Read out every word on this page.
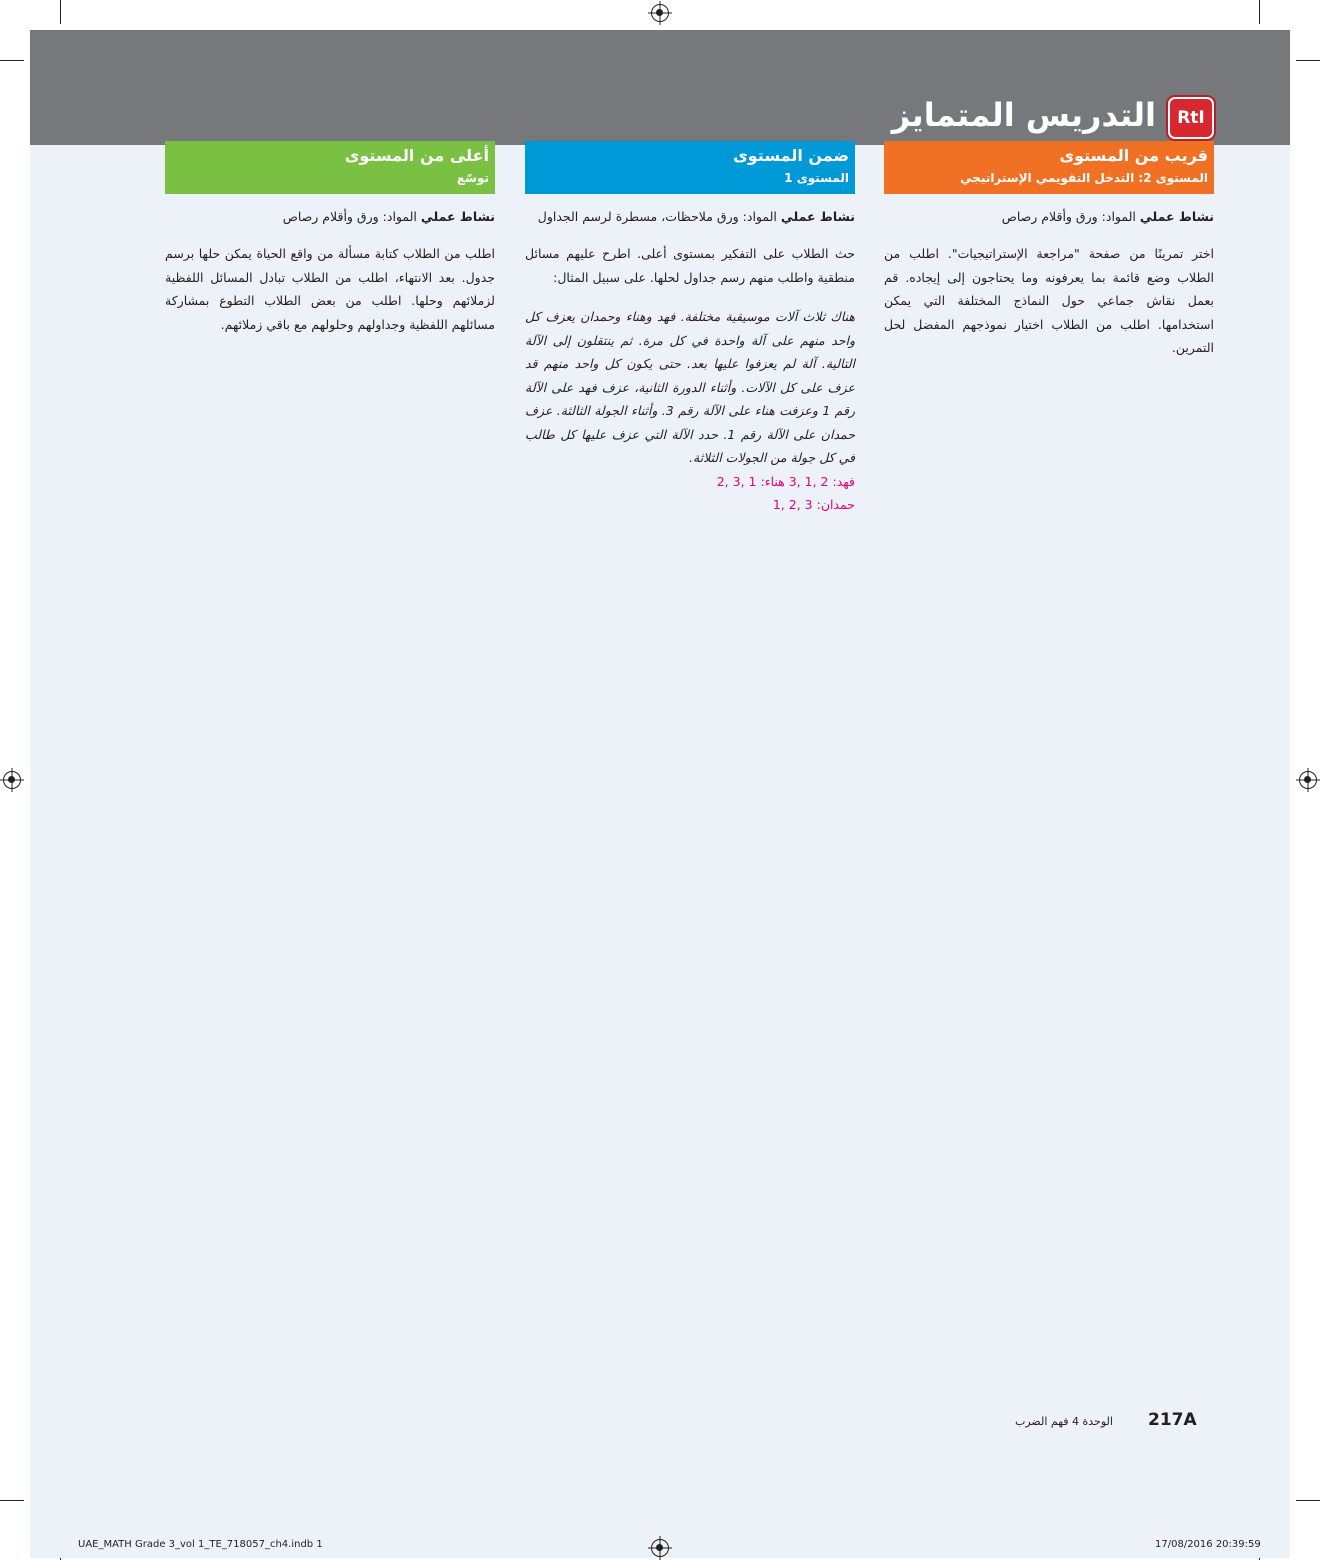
RtI
التدريس المتمايز
قريب من المستوى
المستوى 2: التدخل التقويمي الإستراتيجي
نشاط عملي المواد: ورق وأقلام رصاص

اختر تمرينًا من صفحة "مراجعة الإستراتيجيات". اطلب من الطلاب وضع قائمة بما يعرفونه وما يحتاجون إلى إيجاده. قم بعمل نقاش جماعي حول النماذج المختلفة التي يمكن استخدامها. اطلب من الطلاب اختيار نموذجهم المفضل لحل التمرين.

ضمن المستوى
المستوى 1
نشاط عملي المواد: ورق ملاحظات، مسطرة لرسم الجداول

حث الطلاب على التفكير بمستوى أعلى. اطرح عليهم مسائل منطقية واطلب منهم رسم جداول لحلها. على سبيل المثال:

هناك ثلاث آلات موسيقية مختلفة. فهد وهناء وحمدان يعزف كل واحد منهم على آلة واحدة في كل مرة. ثم ينتقلون إلى الآلة التالية. آلة لم يعزفوا عليها بعد. حتى يكون كل واحد منهم قد عزف على كل الآلات. وأثناء الدورة الثانية، عزف فهد على الآلة رقم 1 وعزفت هناء على الآلة رقم 3. وأثناء الجولة الثالثة. عزف حمدان على الآلة رقم 1. حدد الآلة التي عزف عليها كل طالب في كل جولة من الجولات الثلاثة.

فهد: 3, 1, 2 هناء: 2, 3, 1
حمدان: 1, 2, 3
أعلى من المستوى
توسّع
نشاط عملي المواد: ورق وأقلام رصاص

اطلب من الطلاب كتابة مسألة من واقع الحياة يمكن حلها برسم جدول. بعد الانتهاء، اطلب من الطلاب تبادل المسائل اللفظية لزملائهم وحلها. اطلب من بعض الطلاب التطوع بمشاركة مسائلهم اللفظية وجداولهم وحلولهم مع باقي زملائهم.

الوحدة 4 فهم الضرب 217A
UAE_MATH Grade 3_vol 1_TE_718057_ch4.indb 1	17/08/2016 20:39:59
